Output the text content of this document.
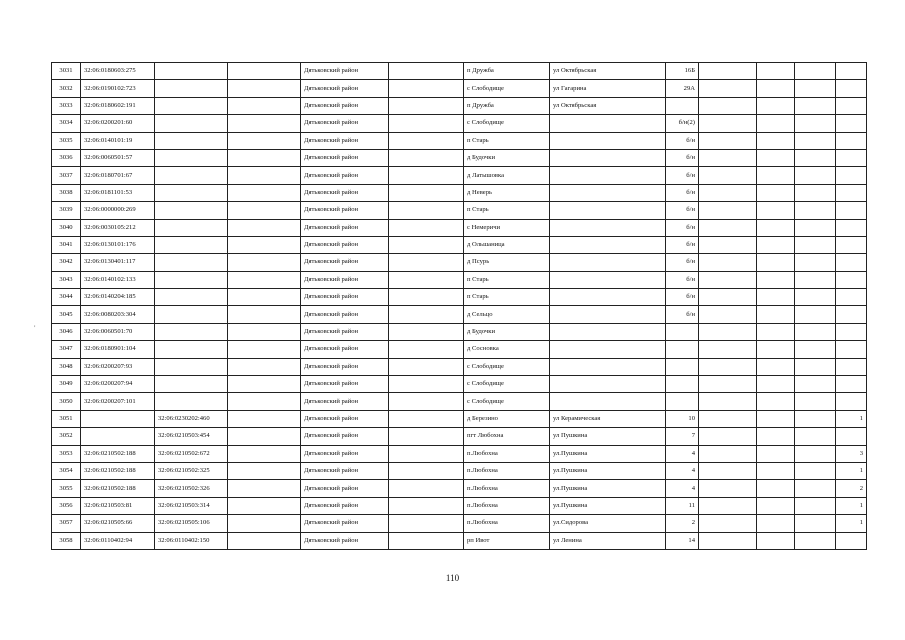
3031	32:06:0180603:275			Дятьковский район		п Дружба	ул Октябрьская	16Б				
3032	32:06:0190102:723			Дятьковский район		с Слободище	ул Гагарина	29А				
3033	32:06:0180602:191			Дятьковский район		п Дружба	ул Октябрьская					
3034	32:06:0200201:60			Дятьковский район		с Слободище		б/н(2)				
3035	32:06:0140101:19			Дятьковский район		п Старь		б/н				
3036	32:06:0060501:57			Дятьковский район		д Будочки		б/н				
3037	32:06:0180701:67			Дятьковский район		д Латышовка		б/н				
3038	32:06:0181101:53			Дятьковский район		д Неверь		б/н				
3039	32:06:0000000:269			Дятьковский район		п Старь		б/н				
3040	32:06:0030105:212			Дятьковский район		с Немеричи		б/н				
3041	32:06:0130101:176			Дятьковский район		д Ольшаница		б/н				
3042	32:06:0130401:117			Дятьковский район		д Псурь		б/н				
3043	32:06:0140102:133			Дятьковский район		п Старь		б/н				
3044	32:06:0140204:185			Дятьковский район		п Старь		б/н				
3045	32:06:0080203:304			Дятьковский район		д Сельцо		б/н				
3046	32:06:0060501:70			Дятьковский район		д Будочки						
3047	32:06:0180901:104			Дятьковский район		д Сосновка						
3048	32:06:0200207:93			Дятьковский район		с Слободище						
3049	32:06:0200207:94			Дятьковский район		с Слободище						
3050	32:06:0200207:101			Дятьковский район		с Слободище						
3051		32:06:0230202:460		Дятьковский район		д Березино	ул Керамическая	10				1
3052		32:06:0210503:454		Дятьковский район		пгт Любохна	ул Пушкина	7				
3053	32:06:0210502:188	32:06:0210502:672		Дятьковский район		п.Любохна	ул.Пушкина	4				3
3054	32:06:0210502:188	32:06:0210502:325		Дятьковский район		п.Любохна	ул.Пушкина	4				1
3055	32:06:0210502:188	32:06:0210502:326		Дятьковский район		п.Любохна	ул.Пушкина	4				2
3056	32:06:0210503:81	32:06:0210503:314		Дятьковский район		п.Любохна	ул.Пушкина	11				1
3057	32:06:0210505:66	32:06:0210505:106		Дятьковский район		п.Любохна	ул.Сидорова	2				1
3058	32:06:0110402:94	32:06:0110402:150		Дятьковский район		рп Ивот	ул Ленина	14				
,
110
